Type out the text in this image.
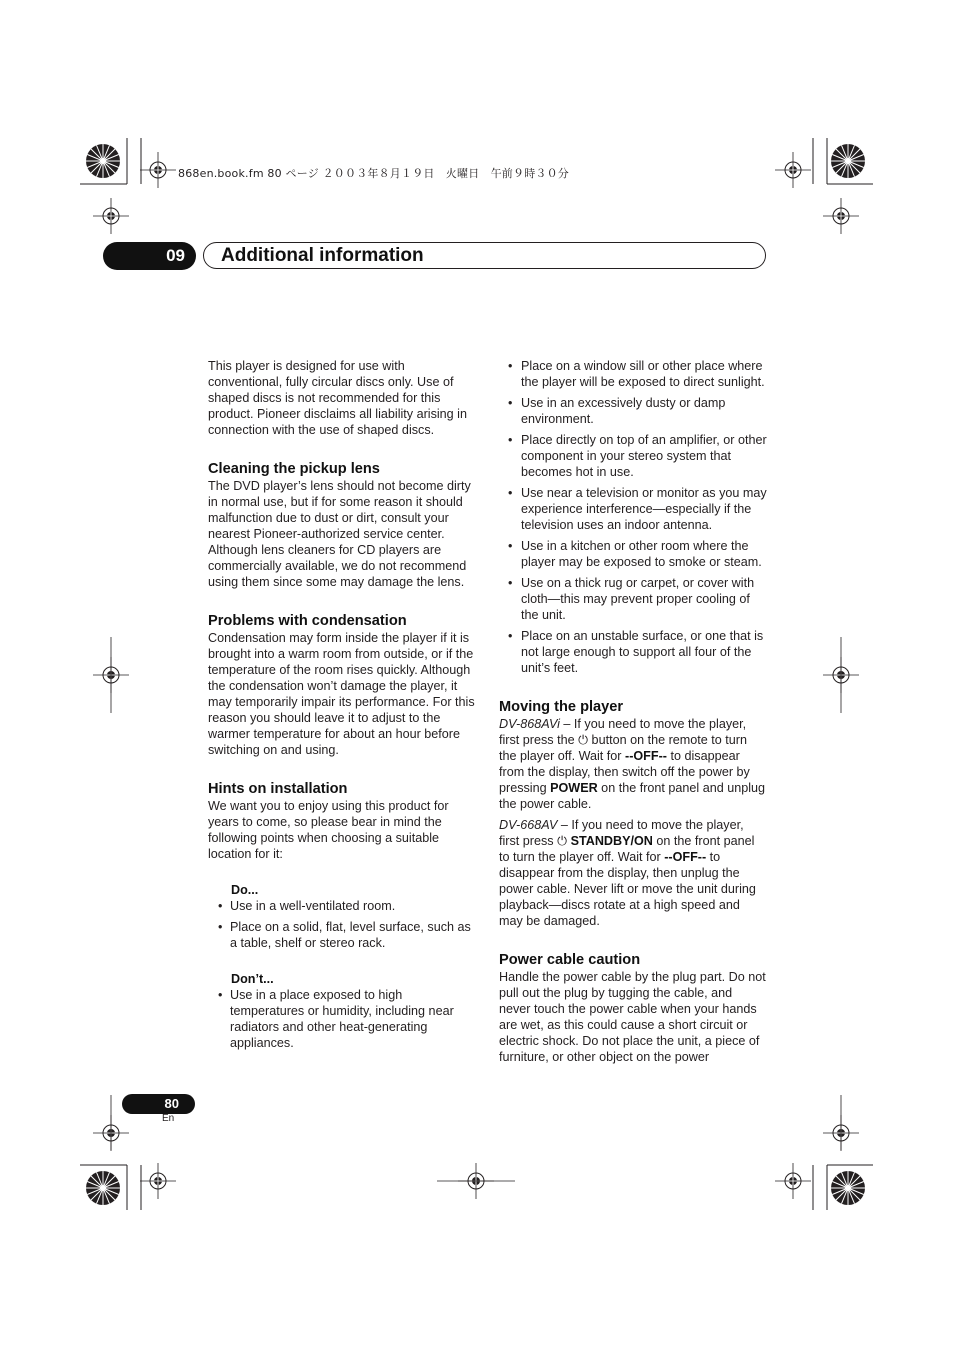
868en.book.fm 80 ページ ２００３年８月１９日　火曜日　午前９時３０分
09	Additional information

This player is designed for use with conventional, fully circular discs only. Use of shaped discs is not recommended for this product. Pioneer disclaims all liability arising in connection with the use of shaped discs.

Cleaning the pickup lens

The DVD player’s lens should not become dirty in normal use, but if for some reason it should malfunction due to dust or dirt, consult your nearest Pioneer-authorized service center. Although lens cleaners for CD players are commercially available, we do not recommend using them since some may damage the lens.

Problems with condensation

Condensation may form inside the player if it is brought into a warm room from outside, or if the temperature of the room rises quickly. Although the condensation won’t damage the player, it may temporarily impair its performance. For this reason you should leave it to adjust to the warmer temperature for about an hour before switching on and using.

Hints on installation

We want you to enjoy using this product for years to come, so please bear in mind the following points when choosing a suitable location for it:

Do...
• Use in a well-ventilated room.
• Place on a solid, flat, level surface, such as a table, shelf or stereo rack.
Don’t...
• Use in a place exposed to high temperatures or humidity, including near radiators and other heat-generating appliances.
• Place on a window sill or other place where the player will be exposed to direct sunlight.
• Use in an excessively dusty or damp environment.
• Place directly on top of an amplifier, or other component in your stereo system that becomes hot in use.
• Use near a television or monitor as you may experience interference—especially if the television uses an indoor antenna.
• Use in a kitchen or other room where the player may be exposed to smoke or steam.
• Use on a thick rug or carpet, or cover with cloth—this may prevent proper cooling of the unit.
• Place on an unstable surface, or one that is not large enough to support all four of the unit’s feet.
Moving the player

DV-868AVi – If you need to move the player, first press the ⏻ button on the remote to turn the player off. Wait for --OFF-- to disappear from the display, then switch off the power by pressing POWER on the front panel and unplug the power cable.

DV-668AV – If you need to move the player, first press ⏻ STANDBY/ON on the front panel to turn the player off. Wait for --OFF-- to disappear from the display, then unplug the power cable. Never lift or move the unit during playback—discs rotate at a high speed and may be damaged.

Power cable caution

Handle the power cable by the plug part. Do not pull out the plug by tugging the cable, and never touch the power cable when your hands are wet, as this could cause a short circuit or electric shock. Do not place the unit, a piece of furniture, or other object on the power

80
En
